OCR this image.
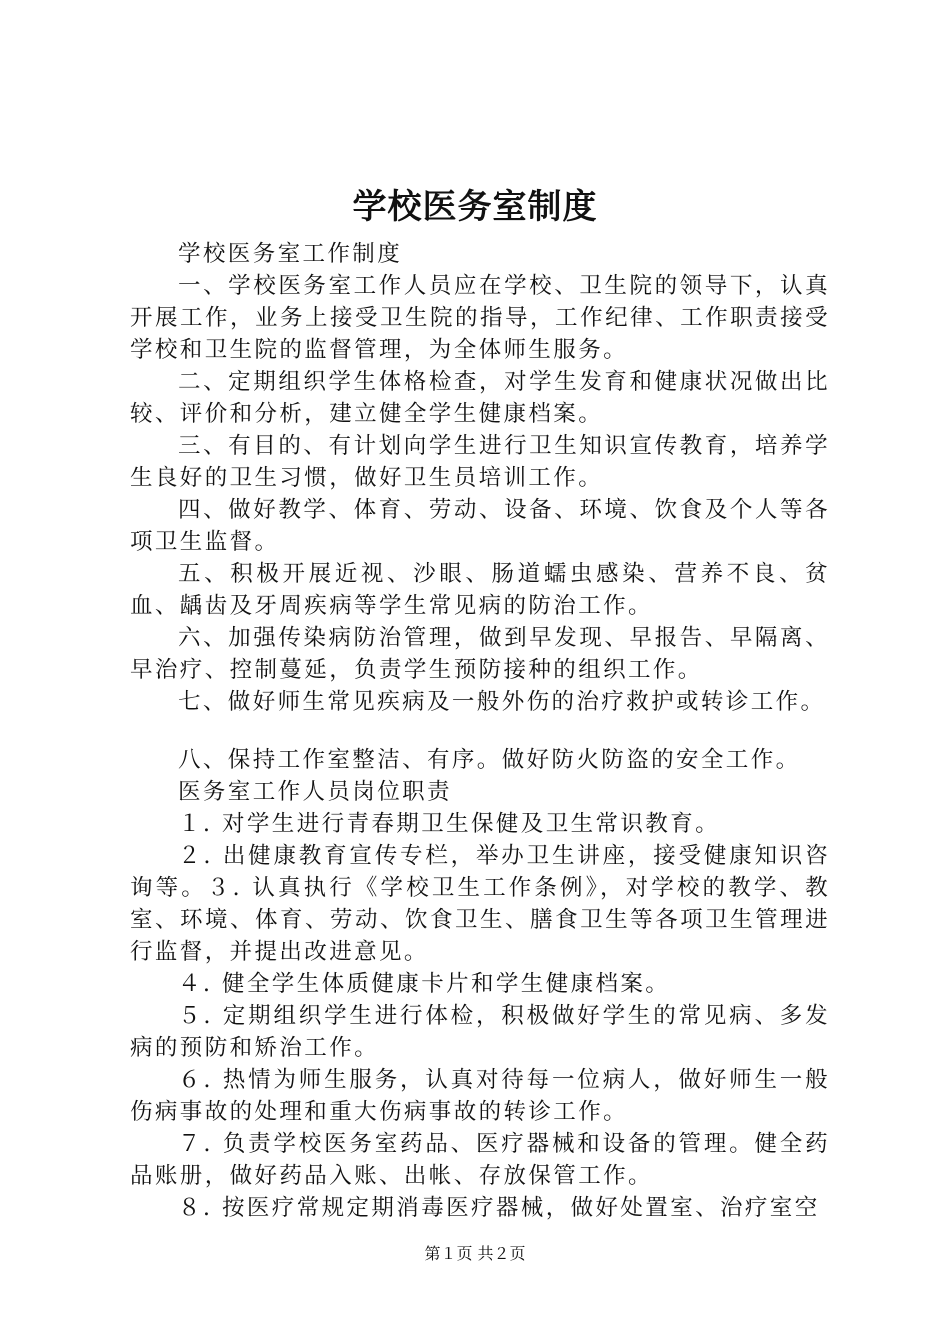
学校医务室制度

学校医务室工作制度

一、学校医务室工作人员应在学校、卫生院的领导下，认真开展工作，业务上接受卫生院的指导，工作纪律、工作职责接受学校和卫生院的监督管理，为全体师生服务。

二、定期组织学生体格检查，对学生发育和健康状况做出比较、评价和分析，建立健全学生健康档案。

三、有目的、有计划向学生进行卫生知识宣传教育，培养学生良好的卫生习惯，做好卫生员培训工作。

四、做好教学、体育、劳动、设备、环境、饮食及个人等各项卫生监督。

五、积极开展近视、沙眼、肠道蠕虫感染、营养不良、贫血、龋齿及牙周疾病等学生常见病的防治工作。

六、加强传染病防治管理，做到早发现、早报告、早隔离、早治疗、控制蔓延，负责学生预防接种的组织工作。

七、做好师生常见疾病及一般外伤的治疗救护或转诊工作。

八、保持工作室整洁、有序。做好防火防盗的安全工作。

医务室工作人员岗位职责

１. 对学生进行青春期卫生保健及卫生常识教育。

２. 出健康教育宣传专栏，举办卫生讲座，接受健康知识咨询等。３. 认真执行《学校卫生工作条例》，对学校的教学、教室、环境、体育、劳动、饮食卫生、膳食卫生等各项卫生管理进行监督，并提出改进意见。

４. 健全学生体质健康卡片和学生健康档案。

５. 定期组织学生进行体检，积极做好学生的常见病、多发病的预防和矫治工作。

６. 热情为师生服务，认真对待每一位病人，做好师生一般伤病事故的处理和重大伤病事故的转诊工作。

７. 负责学校医务室药品、医疗器械和设备的管理。健全药品账册，做好药品入账、出帐、存放保管工作。

８. 按医疗常规定期消毒医疗器械，做好处置室、治疗室空

第１页 共２页
